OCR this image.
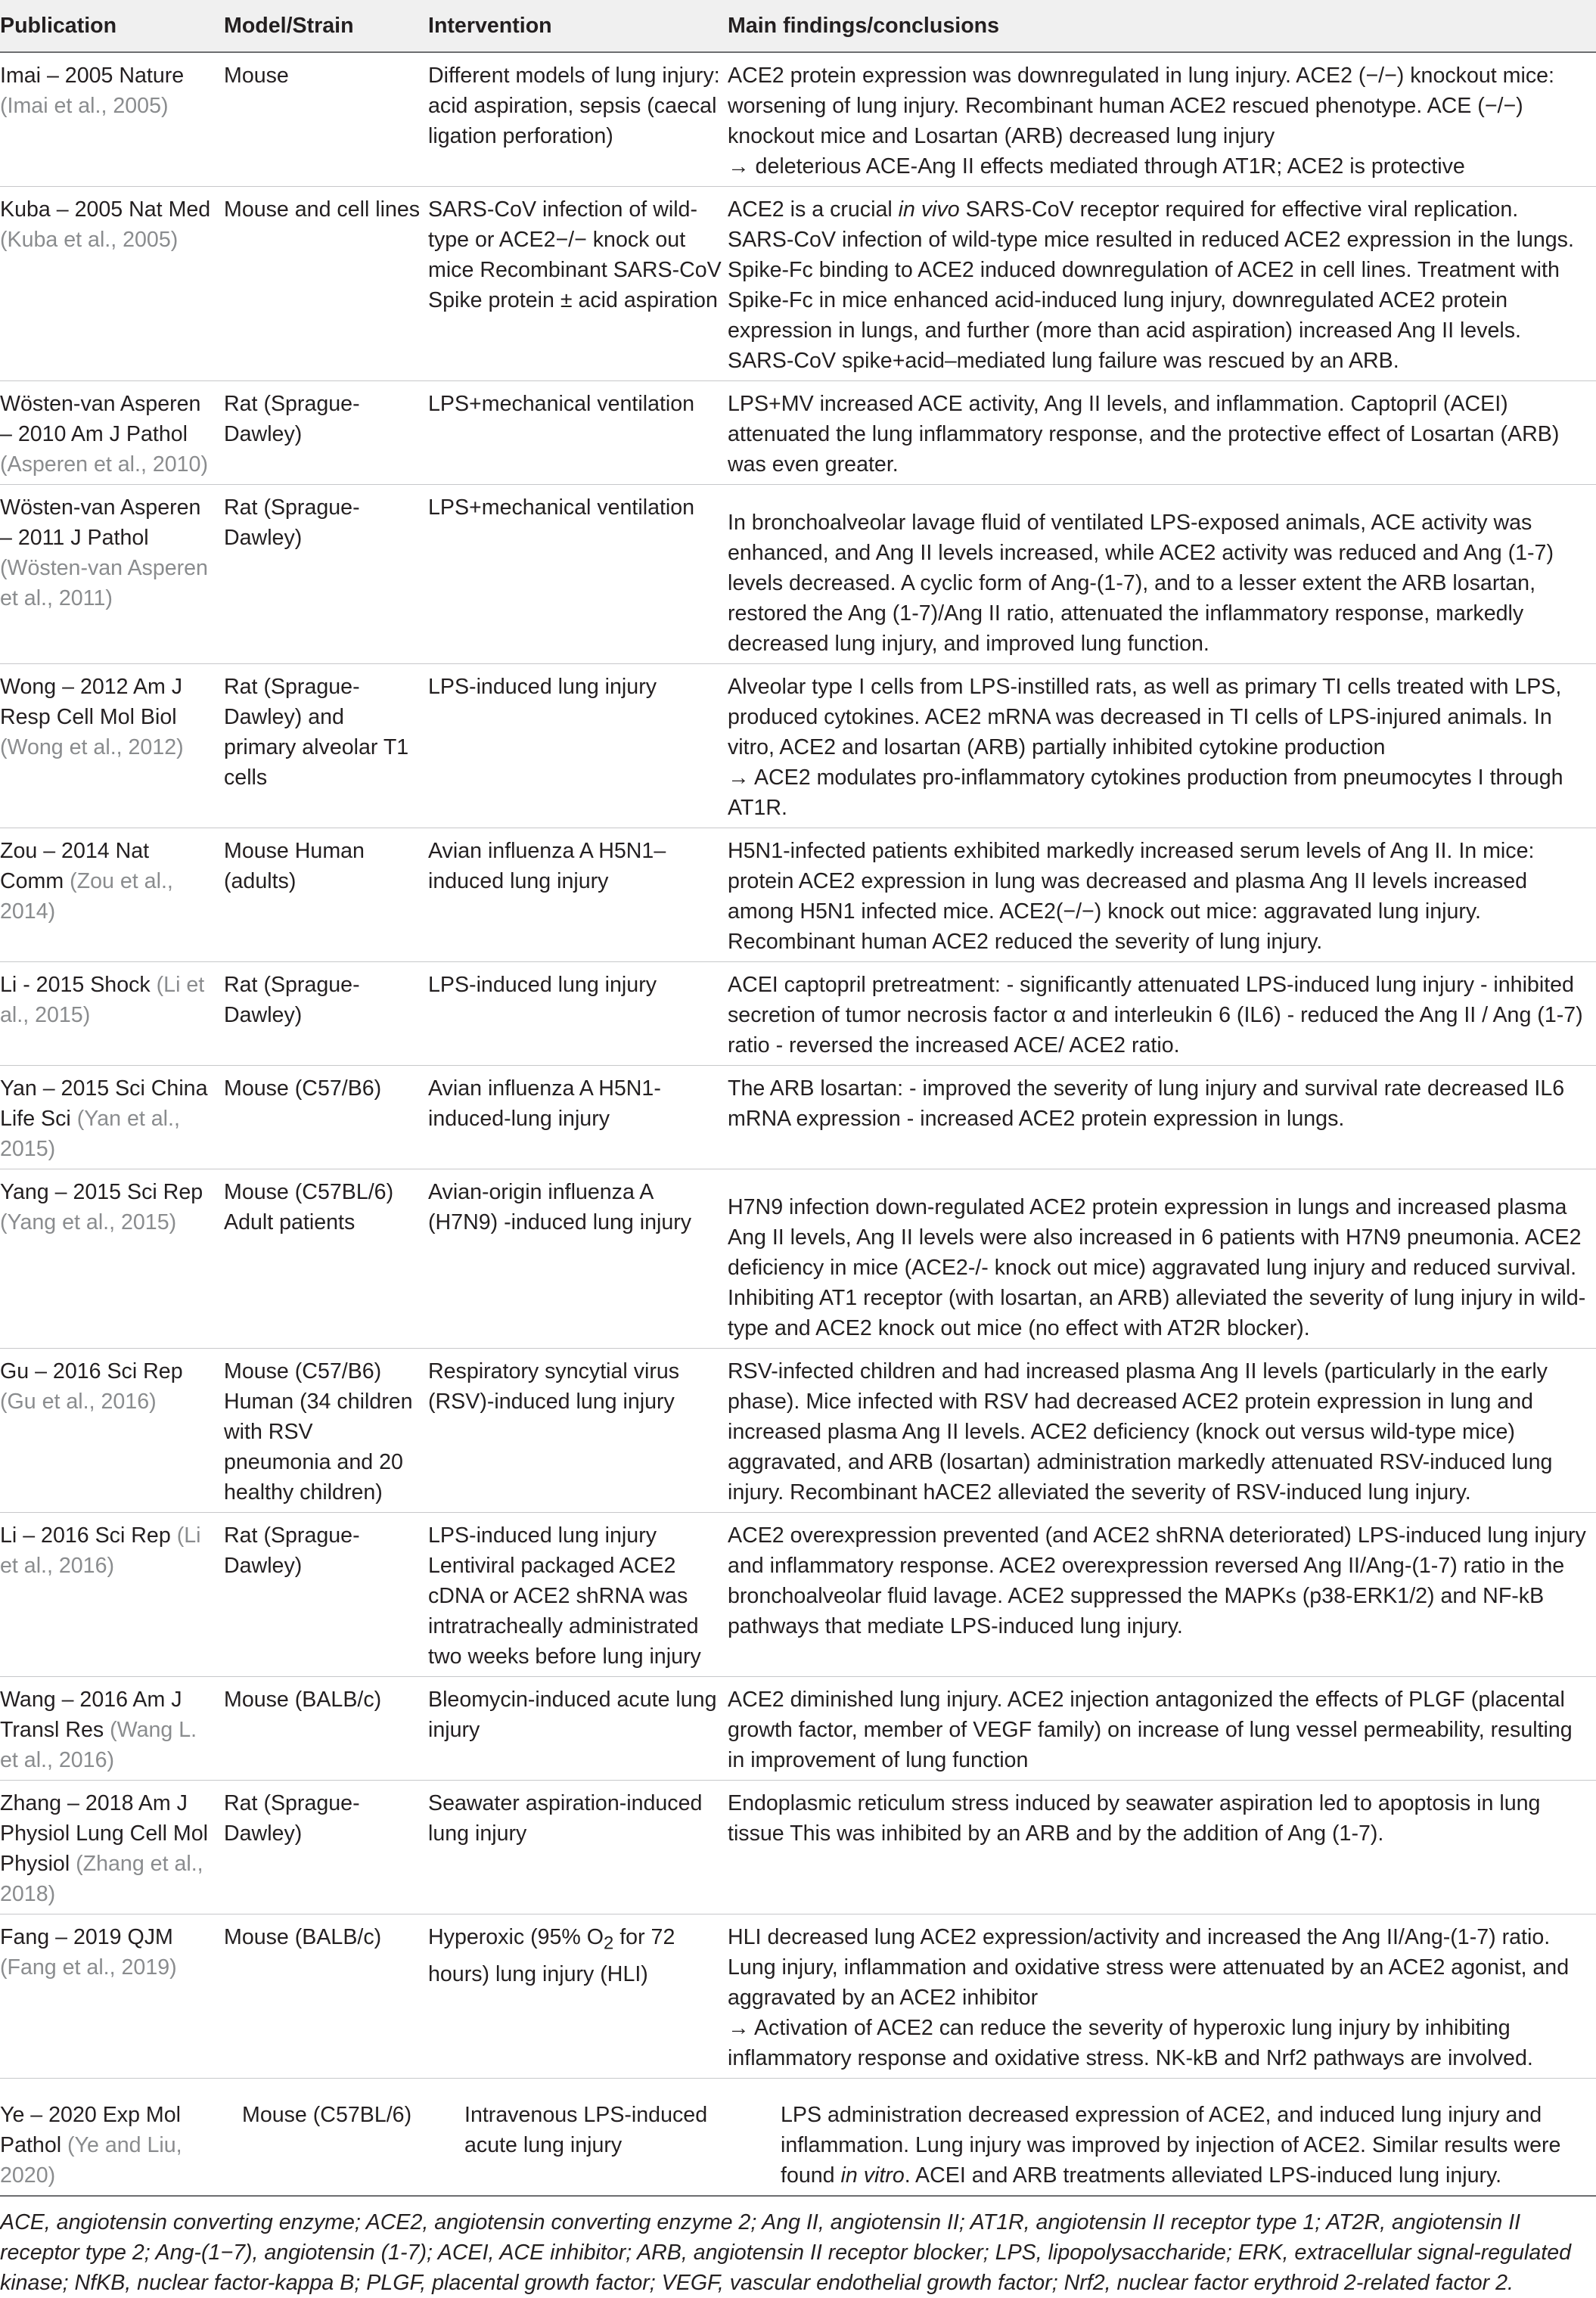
Publication	Model/Strain	Intervention	Main findings/conclusions
Imai – 2005 Nature (Imai et al., 2005)	Mouse	Different models of lung injury: acid aspiration, sepsis (caecal ligation perforation)	ACE2 protein expression was downregulated in lung injury. ACE2 (−/−) knockout mice: worsening of lung injury. Recombinant human ACE2 rescued phenotype. ACE (−/−) knockout mice and Losartan (ARB) decreased lung injury
→ deleterious ACE-Ang II effects mediated through AT1R; ACE2 is protective

Kuba – 2005 Nat Med (Kuba et al., 2005)	Mouse and cell lines	SARS-CoV infection of wild-type or ACE2−/− knock out mice Recombinant SARS-CoV Spike protein ± acid aspiration	ACE2 is a crucial in vivo SARS-CoV receptor required for effective viral replication. SARS-CoV infection of wild-type mice resulted in reduced ACE2 expression in the lungs. Spike-Fc binding to ACE2 induced downregulation of ACE2 in cell lines. Treatment with Spike-Fc in mice enhanced acid-induced lung injury, downregulated ACE2 protein expression in lungs, and further (more than acid aspiration) increased Ang II levels. SARS-CoV spike+acid–mediated lung failure was rescued by an ARB.
Wösten-van Asperen – 2010 Am J Pathol (Asperen et al., 2010)	Rat (Sprague-Dawley)	LPS+mechanical ventilation	LPS+MV increased ACE activity, Ang II levels, and inflammation. Captopril (ACEI) attenuated the lung inflammatory response, and the protective effect of Losartan (ARB) was even greater.
Wösten-van Asperen – 2011 J Pathol (Wösten-van Asperen et al., 2011)	Rat (Sprague-Dawley)	LPS+mechanical ventilation	In bronchoalveolar lavage fluid of ventilated LPS-exposed animals, ACE activity was enhanced, and Ang II levels increased, while ACE2 activity was reduced and Ang (1-7) levels decreased. A cyclic form of Ang-(1-7), and to a lesser extent the ARB losartan, restored the Ang (1-7)/Ang II ratio, attenuated the inflammatory response, markedly decreased lung injury, and improved lung function.
Wong – 2012 Am J Resp Cell Mol Biol (Wong et al., 2012)	Rat (Sprague-Dawley) and primary alveolar T1 cells	LPS-induced lung injury	Alveolar type I cells from LPS-instilled rats, as well as primary TI cells treated with LPS, produced cytokines. ACE2 mRNA was decreased in TI cells of LPS-injured animals. In vitro, ACE2 and losartan (ARB) partially inhibited cytokine production
→ ACE2 modulates pro-inflammatory cytokines production from pneumocytes I through AT1R.

Zou – 2014 Nat Comm (Zou et al., 2014)	Mouse Human (adults)	Avian influenza A H5N1–induced lung injury	H5N1-infected patients exhibited markedly increased serum levels of Ang II. In mice: protein ACE2 expression in lung was decreased and plasma Ang II levels increased among H5N1 infected mice. ACE2(−/−) knock out mice: aggravated lung injury. Recombinant human ACE2 reduced the severity of lung injury.
Li - 2015 Shock (Li et al., 2015)	Rat (Sprague-Dawley)	LPS-induced lung injury	ACEI captopril pretreatment: - significantly attenuated LPS-induced lung injury - inhibited secretion of tumor necrosis factor α and interleukin 6 (IL6) - reduced the Ang II / Ang (1-7) ratio - reversed the increased ACE/ ACE2 ratio.
Yan – 2015 Sci China Life Sci (Yan et al., 2015)	Mouse (C57/B6)	Avian influenza A H5N1-induced-lung injury	The ARB losartan: - improved the severity of lung injury and survival rate decreased IL6 mRNA expression - increased ACE2 protein expression in lungs.
Yang – 2015 Sci Rep (Yang et al., 2015)	Mouse (C57BL/6) Adult patients	Avian-origin influenza A (H7N9) -induced lung injury	H7N9 infection down-regulated ACE2 protein expression in lungs and increased plasma Ang II levels, Ang II levels were also increased in 6 patients with H7N9 pneumonia. ACE2 deficiency in mice (ACE2-/- knock out mice) aggravated lung injury and reduced survival. Inhibiting AT1 receptor (with losartan, an ARB) alleviated the severity of lung injury in wild-type and ACE2 knock out mice (no effect with AT2R blocker).
Gu – 2016 Sci Rep (Gu et al., 2016)	Mouse (C57/B6) Human (34 children with RSV pneumonia and 20 healthy children)	Respiratory syncytial virus (RSV)-induced lung injury	RSV-infected children and had increased plasma Ang II levels (particularly in the early phase). Mice infected with RSV had decreased ACE2 protein expression in lung and increased plasma Ang II levels. ACE2 deficiency (knock out versus wild-type mice) aggravated, and ARB (losartan) administration markedly attenuated RSV-induced lung injury. Recombinant hACE2 alleviated the severity of RSV-induced lung injury.
Li – 2016 Sci Rep (Li et al., 2016)	Rat (Sprague-Dawley)	LPS-induced lung injury Lentiviral packaged ACE2 cDNA or ACE2 shRNA was intratracheally administrated two weeks before lung injury	ACE2 overexpression prevented (and ACE2 shRNA deteriorated) LPS-induced lung injury and inflammatory response. ACE2 overexpression reversed Ang II/Ang-(1-7) ratio in the bronchoalveolar fluid lavage. ACE2 suppressed the MAPKs (p38-ERK1/2) and NF-kB pathways that mediate LPS-induced lung injury.
Wang – 2016 Am J Transl Res (Wang L. et al., 2016)	Mouse (BALB/c)	Bleomycin-induced acute lung injury	ACE2 diminished lung injury. ACE2 injection antagonized the effects of PLGF (placental growth factor, member of VEGF family) on increase of lung vessel permeability, resulting in improvement of lung function
Zhang – 2018 Am J Physiol Lung Cell Mol Physiol (Zhang et al., 2018)	Rat (Sprague-Dawley)	Seawater aspiration-induced lung injury	Endoplasmic reticulum stress induced by seawater aspiration led to apoptosis in lung tissue This was inhibited by an ARB and by the addition of Ang (1-7).
Fang – 2019 QJM (Fang et al., 2019)	Mouse (BALB/c)	Hyperoxic (95% $O_2$ for 72 hours) lung injury (HLI)	HLI decreased lung ACE2 expression/activity and increased the Ang II/Ang-(1-7) ratio. Lung injury, inflammation and oxidative stress were attenuated by an ACE2 agonist, and aggravated by an ACE2 inhibitor
→ Activation of ACE2 can reduce the severity of hyperoxic lung injury by inhibiting inflammatory response and oxidative stress. NK-kB and Nrf2 pathways are involved.

Ye – 2020 Exp Mol Pathol (Ye and Liu, 2020)	Mouse (C57BL/6)	Intravenous LPS-induced acute lung injury	LPS administration decreased expression of ACE2, and induced lung injury and inflammation. Lung injury was improved by injection of ACE2. Similar results were found in vitro. ACEI and ARB treatments alleviated LPS-induced lung injury.
ACE, angiotensin converting enzyme; ACE2, angiotensin converting enzyme 2; Ang II, angiotensin II; AT1R, angiotensin II receptor type 1; AT2R, angiotensin II receptor type 2; Ang-(1−7), angiotensin (1-7); ACEI, ACE inhibitor; ARB, angiotensin II receptor blocker; LPS, lipopolysaccharide; ERK, extracellular signal-regulated kinase; NfKB, nuclear factor-kappa B; PLGF, placental growth factor; VEGF, vascular endothelial growth factor; Nrf2, nuclear factor erythroid 2-related factor 2.
